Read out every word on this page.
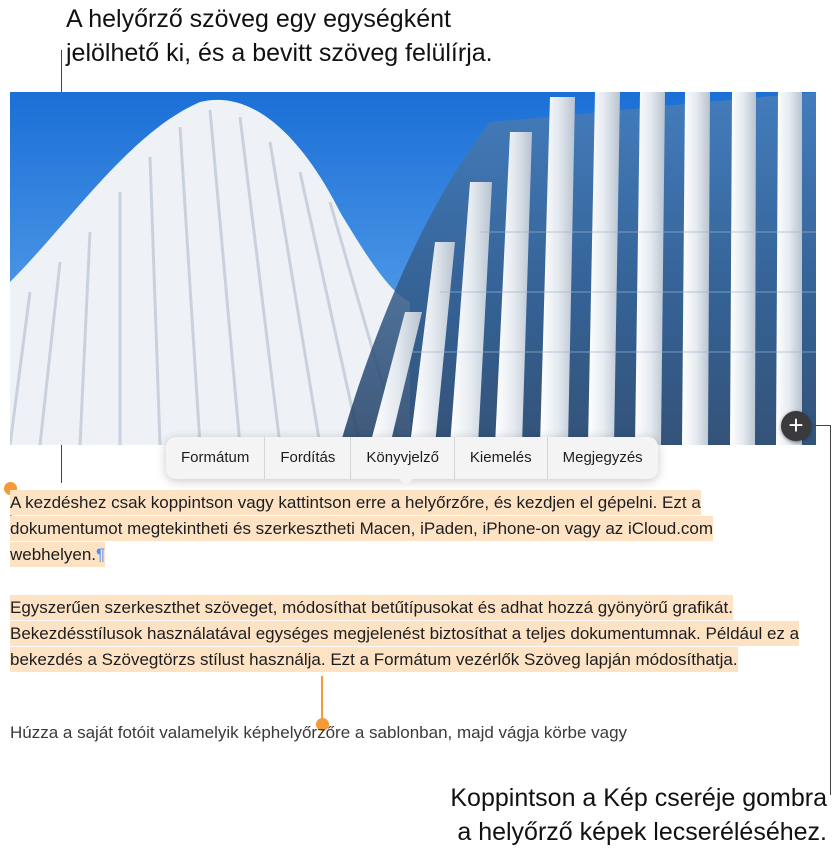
A helyőrző szöveg egy egységként
jelölhető ki, és a bevitt szöveg felülírja.
+
Formátum	Fordítás	Könyvjelző	Kiemelés	Megjegyzés

A kezdéshez csak koppintson vagy kattintson erre a helyőrzőre, és kezdjen el gépelni. Ezt a dokumentumot megtekintheti és szerkesztheti Macen, iPaden, iPhone-on vagy az iCloud.com webhelyen.¶

Egyszerűen szerkeszthet szöveget, módosíthat betűtípusokat és adhat hozzá gyönyörű grafikát. Bekezdésstílusok használatával egységes megjelenést biztosíthat a teljes dokumentumnak. Például ez a bekezdés a Szövegtörzs stílust használja. Ezt a Formátum vezérlők Szöveg lapján módosíthatja.

Húzza a saját fotóit valamelyik képhelyőrzőre a sablonban, majd vágja körbe vagy

Koppintson a Kép cseréje gombra
a helyőrző képek lecseréléséhez.
